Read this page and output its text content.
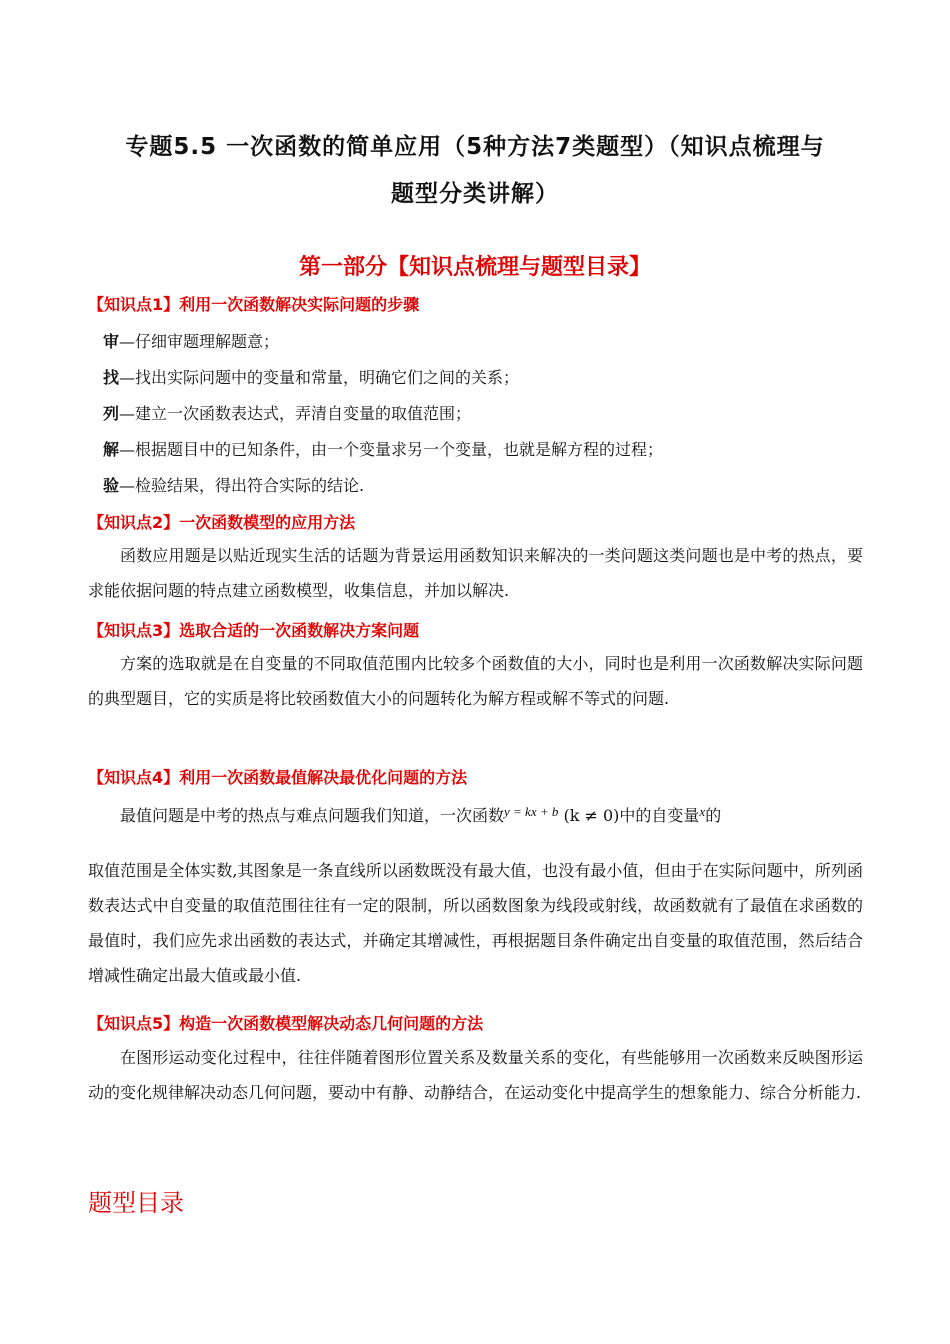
专题5.5 一次函数的简单应用（5种方法7类题型）（知识点梳理与
题型分类讲解）
第一部分【知识点梳理与题型目录】
【知识点1】利用一次函数解决实际问题的步骤
审—仔细审题理解题意；
找—找出实际问题中的变量和常量，明确它们之间的关系；
列—建立一次函数表达式，弄清自变量的取值范围；
解—根据题目中的已知条件，由一个变量求另一个变量，也就是解方程的过程；
验—检验结果，得出符合实际的结论.
【知识点2】一次函数模型的应用方法
函数应用题是以贴近现实生活的话题为背景运用函数知识来解决的一类问题这类问题也是中考的热点，要求能依据问题的特点建立函数模型，收集信息，并加以解决.
【知识点3】选取合适的一次函数解决方案问题
方案的选取就是在自变量的不同取值范围内比较多个函数值的大小，同时也是利用一次函数解决实际问题的典型题目，它的实质是将比较函数值大小的问题转化为解方程或解不等式的问题.
【知识点4】利用一次函数最值解决最优化问题的方法
最值问题是中考的热点与难点问题我们知道，一次函数$^{y = kx + b}$ (k ≠ 0)中的自变量$^x$的
取值范围是全体实数,其图象是一条直线所以函数既没有最大值，也没有最小值，但由于在实际问题中，所列函数表达式中自变量的取值范围往往有一定的限制，所以函数图象为线段或射线，故函数就有了最值在求函数的最值时，我们应先求出函数的表达式，并确定其增减性，再根据题目条件确定出自变量的取值范围，然后结合增减性确定出最大值或最小值.
【知识点5】构造一次函数模型解决动态几何问题的方法
在图形运动变化过程中，往往伴随着图形位置关系及数量关系的变化，有些能够用一次函数来反映图形运动的变化规律解决动态几何问题，要动中有静、动静结合，在运动变化中提高学生的想象能力、综合分析能力.
题型目录
